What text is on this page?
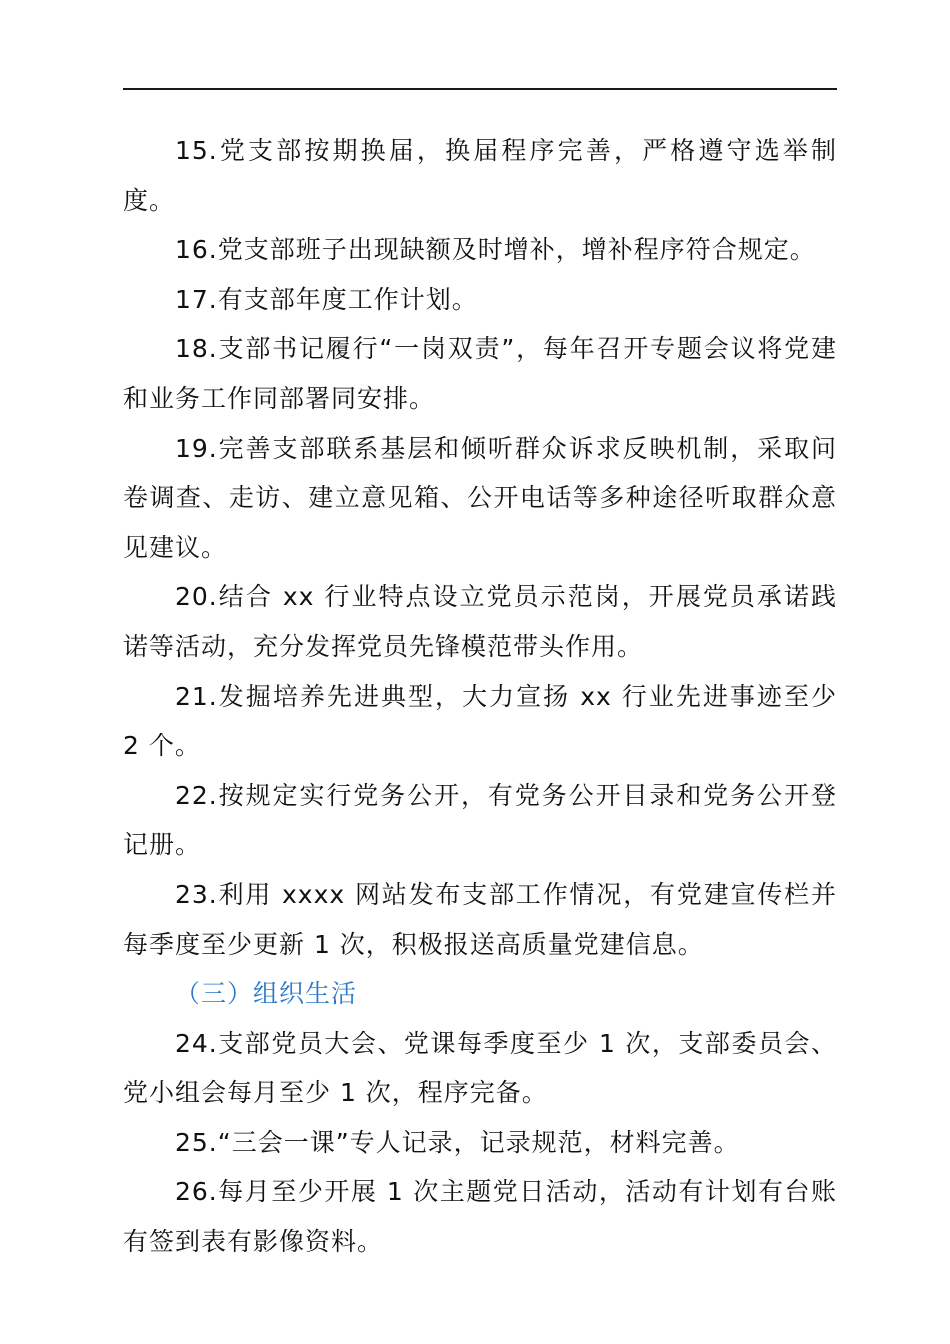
15.党支部按期换届，换届程序完善，严格遵守选举制度。

16.党支部班子出现缺额及时增补，增补程序符合规定。

17.有支部年度工作计划。

18.支部书记履行“一岗双责”，每年召开专题会议将党建和业务工作同部署同安排。

19.完善支部联系基层和倾听群众诉求反映机制，采取问卷调查、走访、建立意见箱、公开电话等多种途径听取群众意见建议。

20.结合 xx 行业特点设立党员示范岗，开展党员承诺践诺等活动，充分发挥党员先锋模范带头作用。

21.发掘培养先进典型，大力宣扬 xx 行业先进事迹至少 2 个。

22.按规定实行党务公开，有党务公开目录和党务公开登记册。

23.利用 xxxx 网站发布支部工作情况，有党建宣传栏并每季度至少更新 1 次，积极报送高质量党建信息。

（三）组织生活

24.支部党员大会、党课每季度至少 1 次，支部委员会、党小组会每月至少 1 次，程序完备。

25.“三会一课”专人记录，记录规范，材料完善。

26.每月至少开展 1 次主题党日活动，活动有计划有台账有签到表有影像资料。
